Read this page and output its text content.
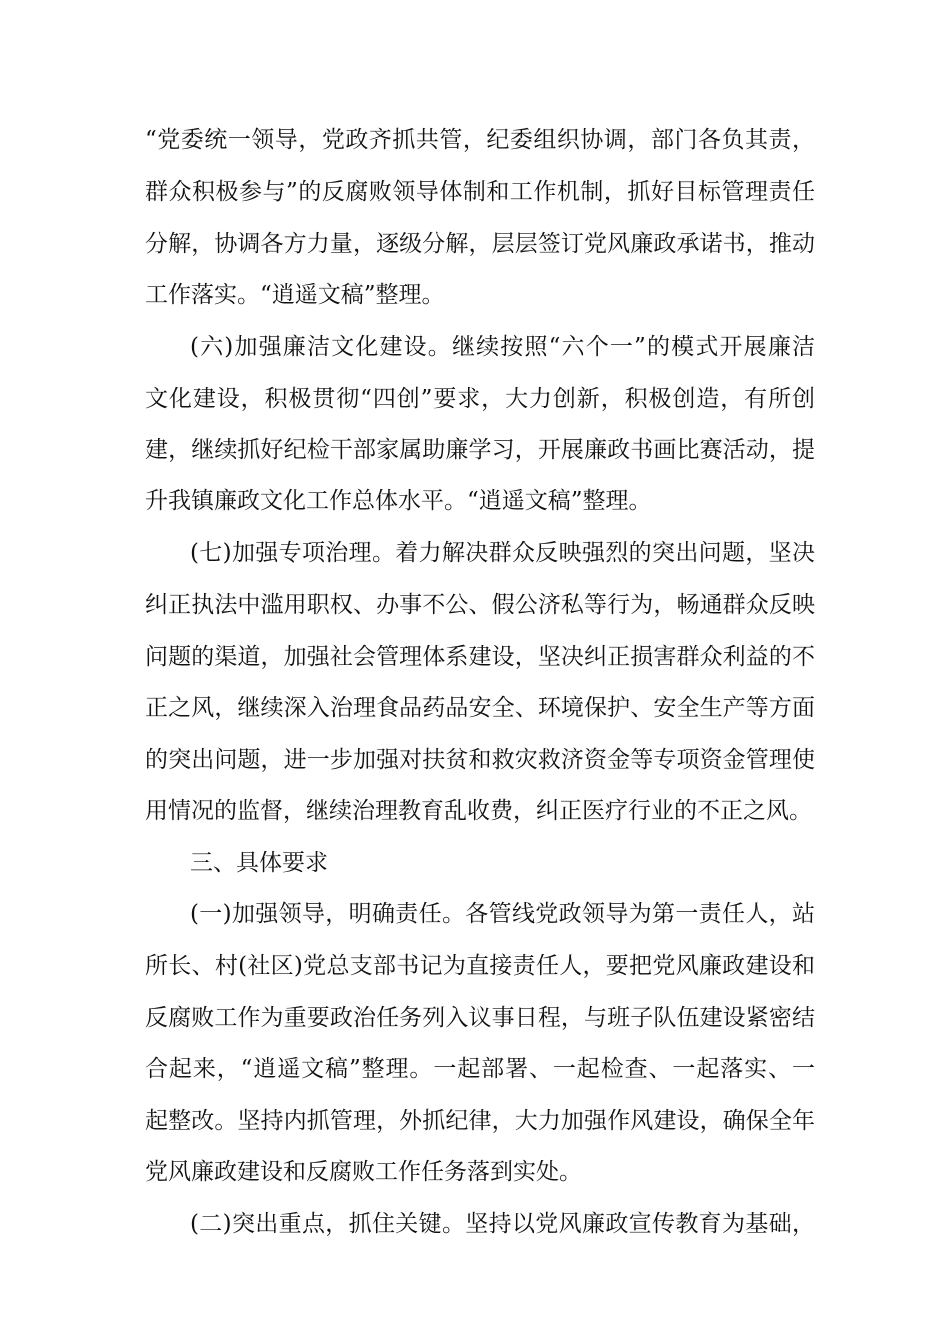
“党委统一领导，党政齐抓共管，纪委组织协调，部门各负其责，
群众积极参与”的反腐败领导体制和工作机制，抓好目标管理责任
分解，协调各方力量，逐级分解，层层签订党风廉政承诺书，推动
工作落实。“逍遥文稿”整理。
(六)加强廉洁文化建设。继续按照“六个一”的模式开展廉洁
文化建设，积极贯彻“四创”要求，大力创新，积极创造，有所创
建，继续抓好纪检干部家属助廉学习，开展廉政书画比赛活动，提
升我镇廉政文化工作总体水平。“逍遥文稿”整理。
(七)加强专项治理。着力解决群众反映强烈的突出问题，坚决
纠正执法中滥用职权、办事不公、假公济私等行为，畅通群众反映
问题的渠道，加强社会管理体系建设，坚决纠正损害群众利益的不
正之风，继续深入治理食品药品安全、环境保护、安全生产等方面
的突出问题，进一步加强对扶贫和救灾救济资金等专项资金管理使
用情况的监督，继续治理教育乱收费，纠正医疗行业的不正之风。
三、具体要求
(一)加强领导，明确责任。各管线党政领导为第一责任人，站
所长、村(社区)党总支部书记为直接责任人，要把党风廉政建设和
反腐败工作为重要政治任务列入议事日程，与班子队伍建设紧密结
合起来，“逍遥文稿”整理。一起部署、一起检查、一起落实、一
起整改。坚持内抓管理，外抓纪律，大力加强作风建设，确保全年
党风廉政建设和反腐败工作任务落到实处。
(二)突出重点，抓住关键。坚持以党风廉政宣传教育为基础，
